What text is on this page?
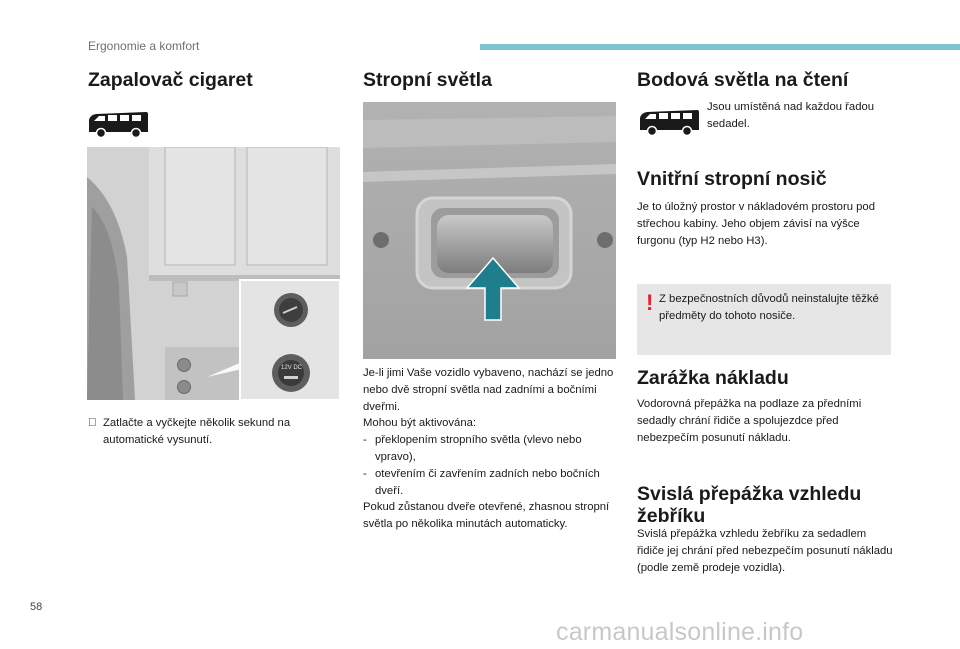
Ergonomie a komfort
Zapalovač cigaret
12V DC
Zatlačte a vyčkejte několik sekund na automatické vysunutí.
Stropní světla

Je-li jimi Vaše vozidlo vybaveno, nachází se jedno nebo dvě stropní světla nad zadními a bočními dveřmi.

Mohou být aktivována:

- překlopením stropního světla (vlevo nebo vpravo),
- otevřením či zavřením zadních nebo bočních dveří.

Pokud zůstanou dveře otevřené, zhasnou stropní světla po několika minutách automaticky.

Bodová světla na čtení
Jsou umístěná nad každou řadou sedadel.
Vnitřní stropní nosič
Je to úložný prostor v nákladovém prostoru pod střechou kabiny. Jeho objem závisí na výšce furgonu (typ H2 nebo H3).
! Z bezpečnostních důvodů neinstalujte těžké předměty do tohoto nosiče.
Zarážka nákladu
Vodorovná přepážka na podlaze za předními sedadly chrání řidiče a spolujezdce před nebezpečím posunutí nákladu.
Svislá přepážka vzhledu žebříku
Svislá přepážka vzhledu žebříku za sedadlem řidiče jej chrání před nebezpečím posunutí nákladu (podle země prodeje vozidla).
58
carmanualsonline.info
